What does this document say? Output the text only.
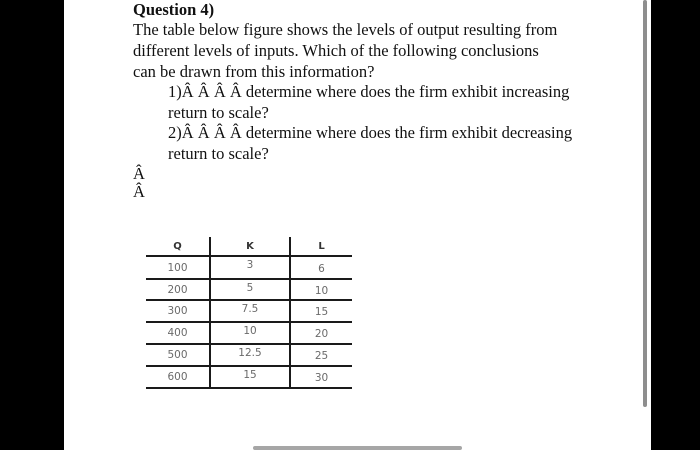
Question 4)
The table below figure shows the levels of output resulting from
different levels of inputs. Which of the following conclusions
can be drawn from this information?
1)Â Â Â Â determine where does the firm exhibit increasing
return to scale?
2)Â Â Â Â determine where does the firm exhibit decreasing
return to scale?
Â
Â
Q	K	L
100	3	6
200	5	10
300	7.5	15
400	10	20
500	12.5	25
600	15	30
